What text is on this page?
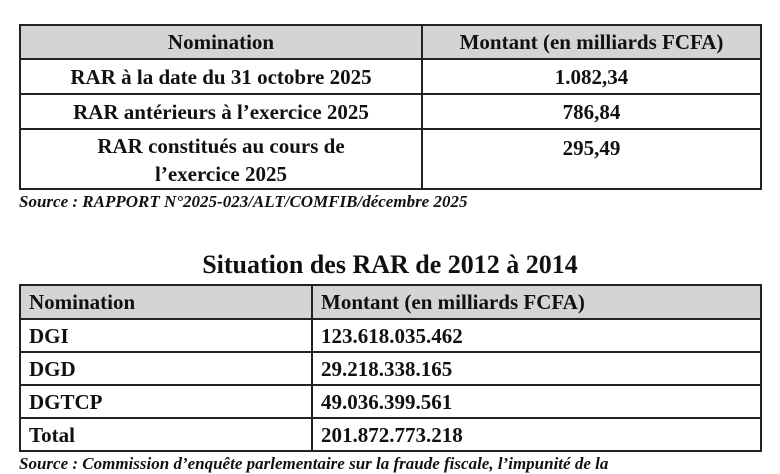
Nomination	Montant (en milliards FCFA)
RAR à la date du 31 octobre 2025	1.082,34
RAR antérieurs à l’exercice 2025	786,84
RAR constitués au cours de
l’exercice 2025	295,49
Source : RAPPORT N°2025-023/ALT/COMFIB/décembre 2025
Situation des RAR de 2012 à 2014
Nomination	Montant (en milliards FCFA)
DGI	123.618.035.462
DGD	29.218.338.165
DGTCP	49.036.399.561
Total	201.872.773.218
Source : Commission d’enquête parlementaire sur la fraude fiscale, l’impunité de la
